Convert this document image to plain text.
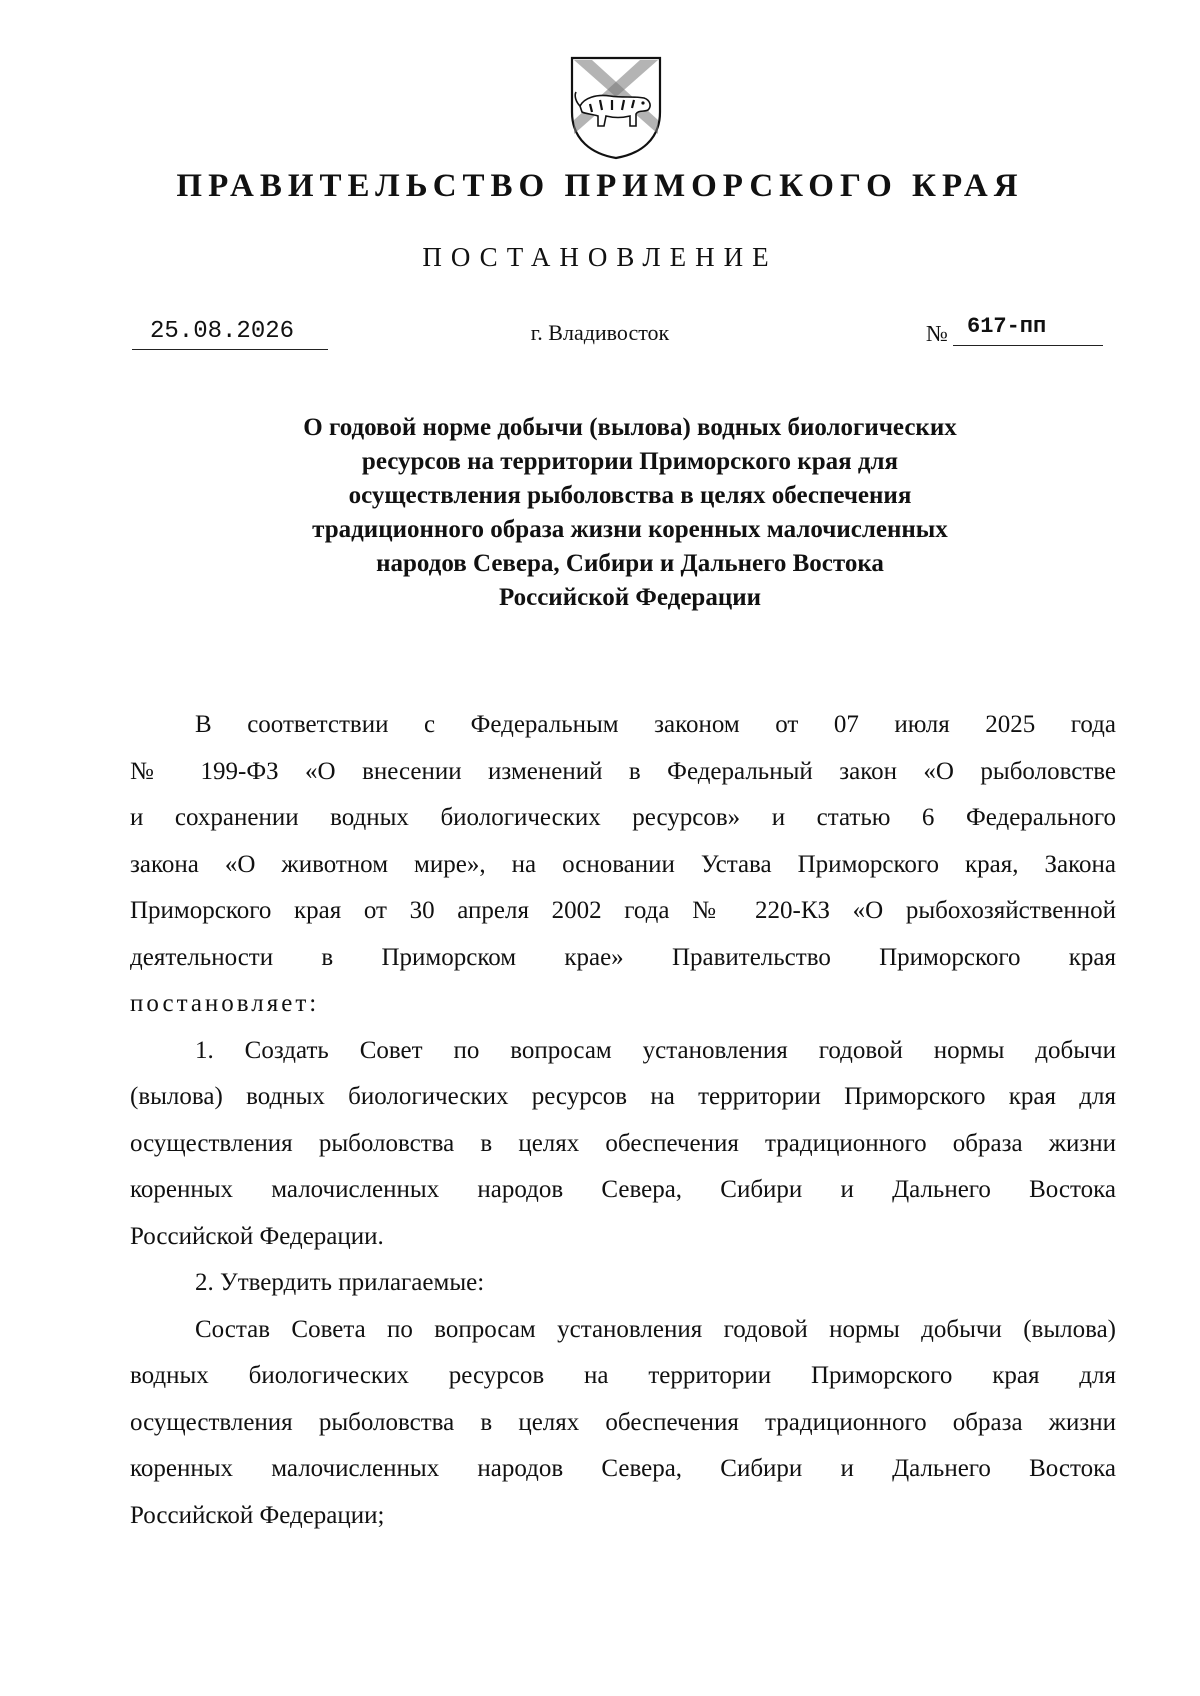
ПРАВИТЕЛЬСТВО ПРИМОРСКОГО КРАЯ
ПОСТАНОВЛЕНИЕ
25.08.2026	г. Владивосток	№ 617-пп
О годовой норме добычи (вылова) водных биологических
ресурсов на территории Приморского края для
осуществления рыболовства в целях обеспечения
традиционного образа жизни коренных малочисленных
народов Севера, Сибири и Дальнего Востока
Российской Федерации
В соответствии с Федеральным законом от 07 июля 2025 года
№ 199-ФЗ «О внесении изменений в Федеральный закон «О рыболовстве
и сохранении водных биологических ресурсов» и статью 6 Федерального
закона «О животном мире», на основании Устава Приморского края, Закона
Приморского края от 30 апреля 2002 года № 220-КЗ «О рыбохозяйственной
деятельности в Приморском крае» Правительство Приморского края
постановляет:
1. Создать Совет по вопросам установления годовой нормы добычи
(вылова) водных биологических ресурсов на территории Приморского края для
осуществления рыболовства в целях обеспечения традиционного образа жизни
коренных малочисленных народов Севера, Сибири и Дальнего Востока
Российской Федерации.
2. Утвердить прилагаемые:
Состав Совета по вопросам установления годовой нормы добычи (вылова)
водных биологических ресурсов на территории Приморского края для
осуществления рыболовства в целях обеспечения традиционного образа жизни
коренных малочисленных народов Севера, Сибири и Дальнего Востока
Российской Федерации;
